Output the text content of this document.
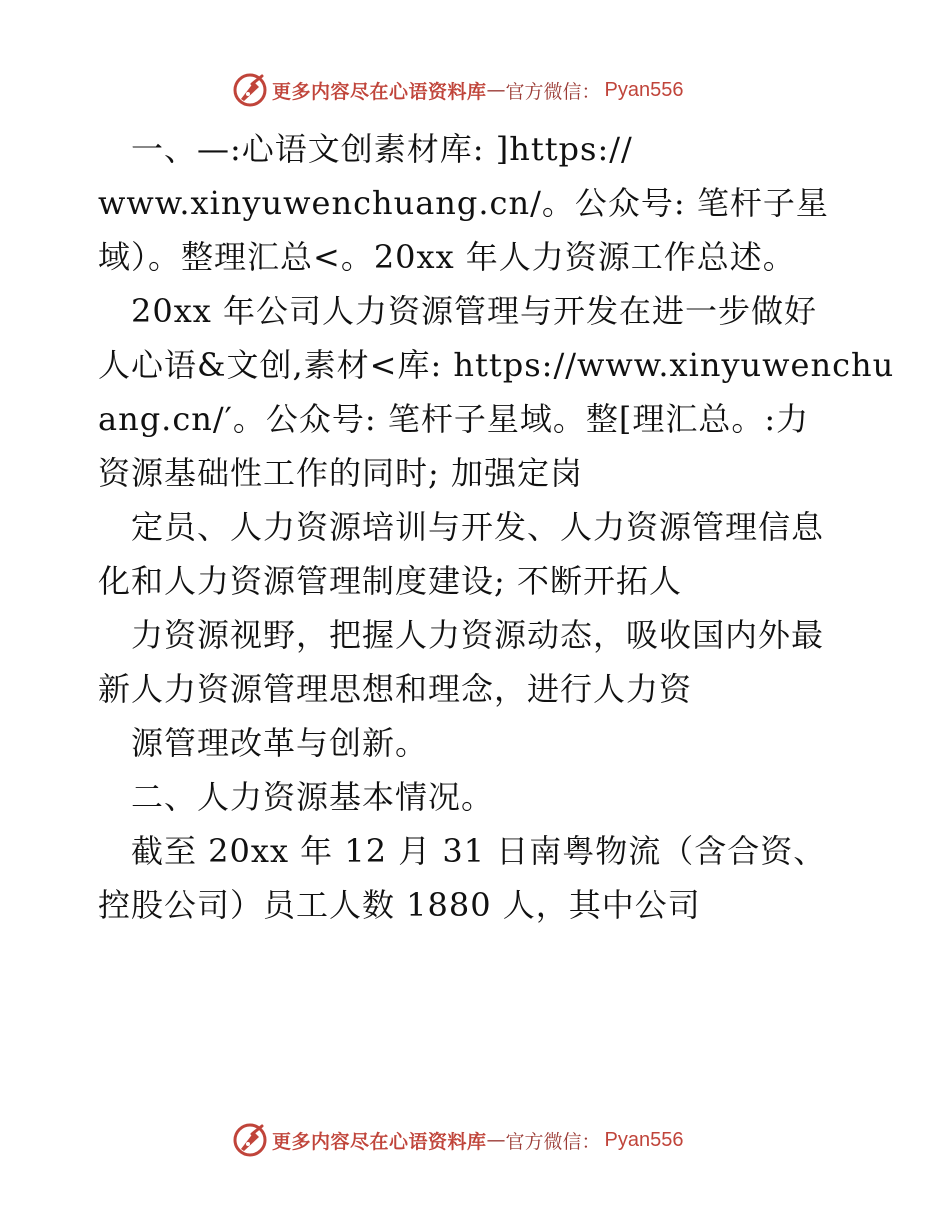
更多内容尽在心语资料库 — 官方微信： Pyan556
　一、—:心语文创素材库: ]https://
www.xinyuwenchuang.cn/。公众号: 笔杆子星
域）。整理汇总<。20xx 年人力资源工作总述。
　20xx 年公司人力资源管理与开发在进一步做好
人心语&文创,素材<库: https://www.xinyuwenchu
ang.cn/′。公众号: 笔杆子星域。整[理汇总。:力
资源基础性工作的同时; 加强定岗
　定员、人力资源培训与开发、人力资源管理信息
化和人力资源管理制度建设; 不断开拓人
　力资源视野，把握人力资源动态，吸收国内外最
新人力资源管理思想和理念，进行人力资
　源管理改革与创新。
　二、人力资源基本情况。
　截至 20xx 年 12 月 31 日南粤物流（含合资、
控股公司）员工人数 1880 人，其中公司
更多内容尽在心语资料库 — 官方微信： Pyan556
